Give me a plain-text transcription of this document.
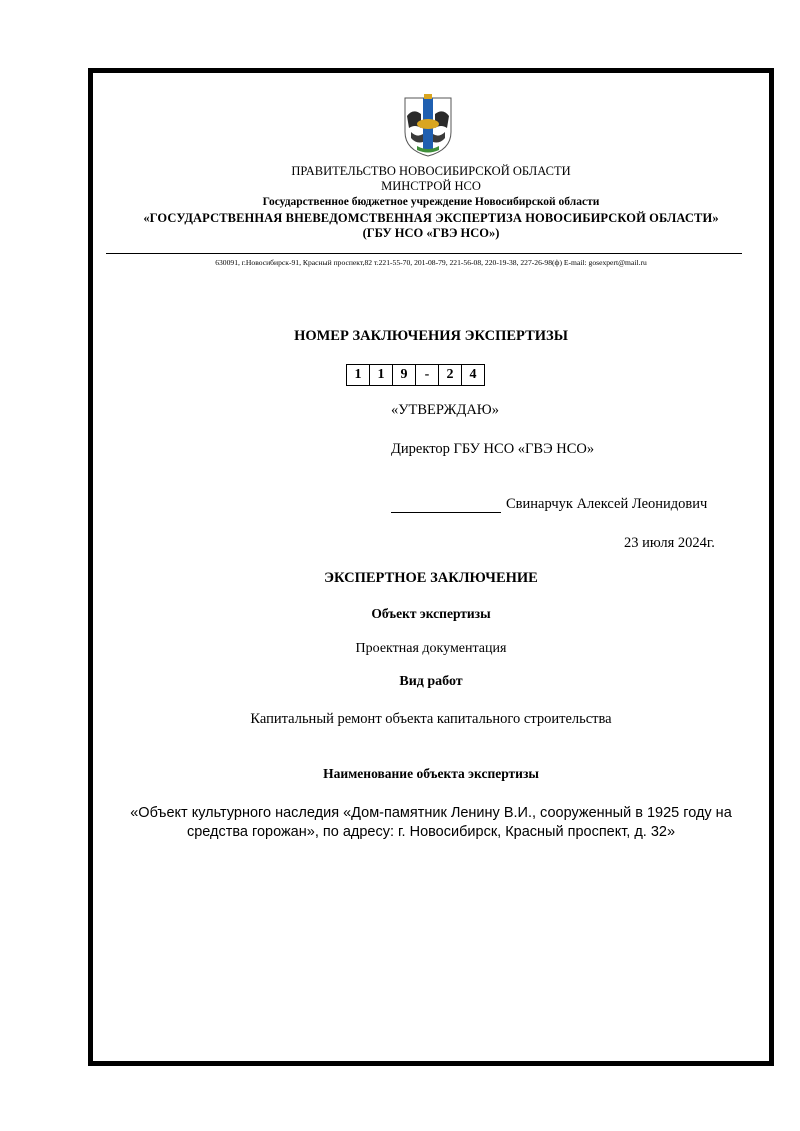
ПРАВИТЕЛЬСТВО НОВОСИБИРСКОЙ ОБЛАСТИ
МИНСТРОЙ НСО
Государственное бюджетное учреждение Новосибирской области
«ГОСУДАРСТВЕННАЯ ВНЕВЕДОМСТВЕННАЯ ЭКСПЕРТИЗА НОВОСИБИРСКОЙ ОБЛАСТИ»
(ГБУ НСО «ГВЭ НСО»)
630091, г.Новосибирск-91, Красный проспект,82 т.221-55-70, 201-08-79, 221-56-08, 220-19-38, 227-26-98(ф) E-mail: gosexpert@mail.ru
НОМЕР ЗАКЛЮЧЕНИЯ ЭКСПЕРТИЗЫ
1	1	9	-	2	4
«УТВЕРЖДАЮ»
Директор ГБУ НСО «ГВЭ НСО»
Свинарчук Алексей Леонидович
23 июля 2024г.
ЭКСПЕРТНОЕ ЗАКЛЮЧЕНИЕ
Объект экспертизы
Проектная документация
Вид работ
Капитальный ремонт объекта капитального строительства
Наименование объекта экспертизы
«Объект культурного наследия «Дом-памятник Ленину В.И., сооруженный в 1925 году на средства горожан», по адресу: г. Новосибирск, Красный проспект, д. 32»
